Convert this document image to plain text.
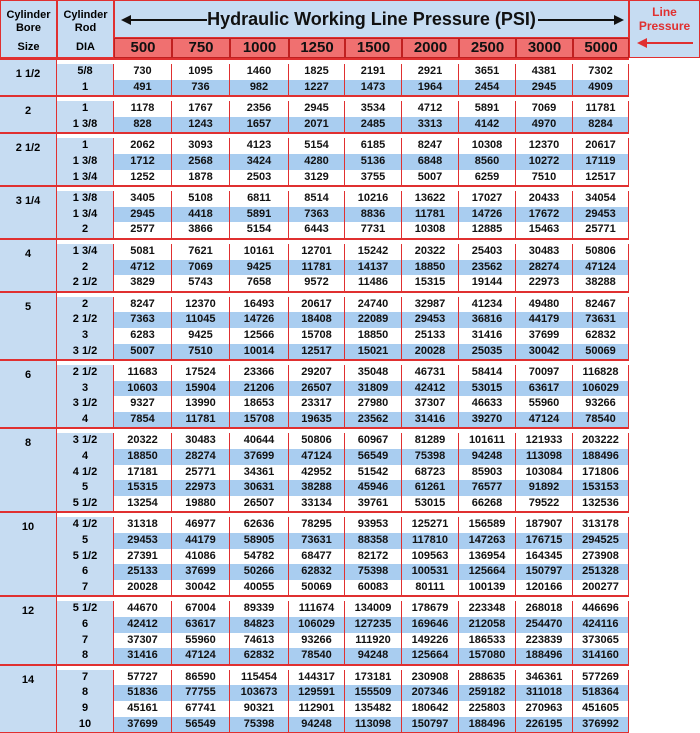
Cylinder
Bore
Size
Cylinder
Rod
DIA
Hydraulic Working Line Pressure (PSI)	Line
Pressure
500	750	1000	1250	1500	2000	2500	3000	5000
1 1/2	5/8	730	1095	1460	1825	2191	2921	3651	4381	7302
1	491	736	982	1227	1473	1964	2454	2945	4909
2	1	1178	1767	2356	2945	3534	4712	5891	7069	11781
1 3/8	828	1243	1657	2071	2485	3313	4142	4970	8284
2 1/2	1	2062	3093	4123	5154	6185	8247	10308	12370	20617
1 3/8	1712	2568	3424	4280	5136	6848	8560	10272	17119
1 3/4	1252	1878	2503	3129	3755	5007	6259	7510	12517
3 1/4	1 3/8	3405	5108	6811	8514	10216	13622	17027	20433	34054
1 3/4	2945	4418	5891	7363	8836	11781	14726	17672	29453
2	2577	3866	5154	6443	7731	10308	12885	15463	25771
4	1 3/4	5081	7621	10161	12701	15242	20322	25403	30483	50806
2	4712	7069	9425	11781	14137	18850	23562	28274	47124
2 1/2	3829	5743	7658	9572	11486	15315	19144	22973	38288
5	2	8247	12370	16493	20617	24740	32987	41234	49480	82467
2 1/2	7363	11045	14726	18408	22089	29453	36816	44179	73631
3	6283	9425	12566	15708	18850	25133	31416	37699	62832
3 1/2	5007	7510	10014	12517	15021	20028	25035	30042	50069
6	2 1/2	11683	17524	23366	29207	35048	46731	58414	70097	116828
3	10603	15904	21206	26507	31809	42412	53015	63617	106029
3 1/2	9327	13990	18653	23317	27980	37307	46633	55960	93266
4	7854	11781	15708	19635	23562	31416	39270	47124	78540
8	3 1/2	20322	30483	40644	50806	60967	81289	101611	121933	203222
4	18850	28274	37699	47124	56549	75398	94248	113098	188496
4 1/2	17181	25771	34361	42952	51542	68723	85903	103084	171806
5	15315	22973	30631	38288	45946	61261	76577	91892	153153
5 1/2	13254	19880	26507	33134	39761	53015	66268	79522	132536
10	4 1/2	31318	46977	62636	78295	93953	125271	156589	187907	313178
5	29453	44179	58905	73631	88358	117810	147263	176715	294525
5 1/2	27391	41086	54782	68477	82172	109563	136954	164345	273908
6	25133	37699	50266	62832	75398	100531	125664	150797	251328
7	20028	30042	40055	50069	60083	80111	100139	120166	200277
12	5 1/2	44670	67004	89339	111674	134009	178679	223348	268018	446696
6	42412	63617	84823	106029	127235	169646	212058	254470	424116
7	37307	55960	74613	93266	111920	149226	186533	223839	373065
8	31416	47124	62832	78540	94248	125664	157080	188496	314160
14	7	57727	86590	115454	144317	173181	230908	288635	346361	577269
8	51836	77755	103673	129591	155509	207346	259182	311018	518364
9	45161	67741	90321	112901	135482	180642	225803	270963	451605
10	37699	56549	75398	94248	113098	150797	188496	226195	376992
